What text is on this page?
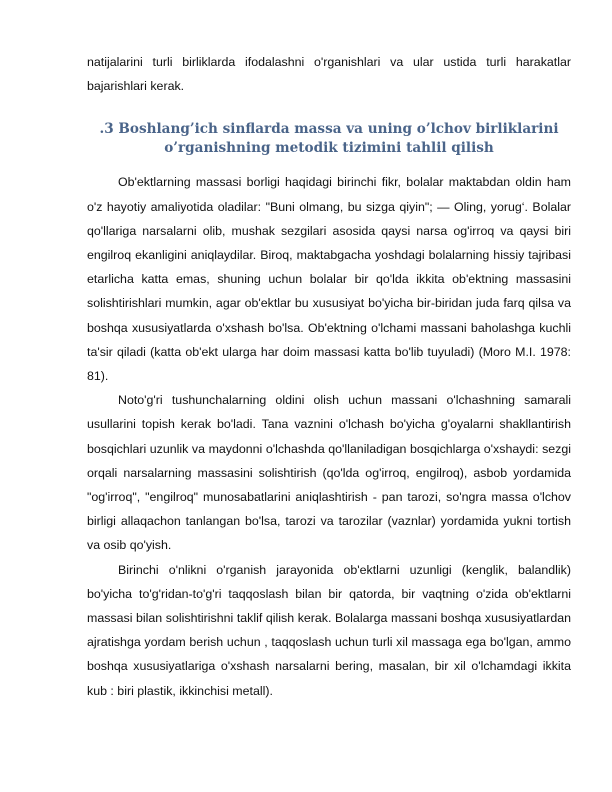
natijalarini turli birliklarda ifodalashni o'rganishlari va ular ustida turli harakatlar bajarishlari kerak.

.3 Boshlang’ich sinflarda massa va uning o’lchov birliklarini
o’rganishning metodik tizimini tahlil qilish

Ob'ektlarning massasi borligi haqidagi birinchi fikr, bolalar maktabdan oldin ham o'z hayotiy amaliyotida oladilar: "Buni olmang, bu sizga qiyin"; — Oling, yorug‘. Bolalar qo'llariga narsalarni olib, mushak sezgilari asosida qaysi narsa og'irroq va qaysi biri engilroq ekanligini aniqlaydilar. Biroq, maktabgacha yoshdagi bolalarning hissiy tajribasi etarlicha katta emas, shuning uchun bolalar bir qo'lda ikkita ob'ektning massasini solishtirishlari mumkin, agar ob'ektlar bu xususiyat bo'yicha bir-biridan juda farq qilsa va boshqa xususiyatlarda o'xshash bo'lsa. Ob'ektning o'lchami massani baholashga kuchli ta'sir qiladi (katta ob'ekt ularga har doim massasi katta bo'lib tuyuladi) (Moro M.I. 1978: 81).

Noto'g'ri tushunchalarning oldini olish uchun massani o'lchashning samarali usullarini topish kerak bo'ladi. Tana vaznini o'lchash bo'yicha g'oyalarni shakllantirish bosqichlari uzunlik va maydonni o'lchashda qo'llaniladigan bosqichlarga o'xshaydi: sezgi orqali narsalarning massasini solishtirish (qo'lda og'irroq, engilroq), asbob yordamida "og'irroq", "engilroq" munosabatlarini aniqlashtirish - pan tarozi, so'ngra massa o'lchov birligi allaqachon tanlangan bo'lsa, tarozi va tarozilar (vaznlar) yordamida yukni tortish va osib qo'yish.

Birinchi o'nlikni o'rganish jarayonida ob'ektlarni uzunligi (kenglik, balandlik) bo'yicha to'g'ridan-to'g'ri taqqoslash bilan bir qatorda, bir vaqtning o'zida ob'ektlarni massasi bilan solishtirishni taklif qilish kerak. Bolalarga massani boshqa xususiyatlardan ajratishga yordam berish uchun , taqqoslash uchun turli xil massaga ega bo'lgan, ammo boshqa xususiyatlariga o'xshash narsalarni bering, masalan, bir xil o'lchamdagi ikkita kub : biri plastik, ikkinchisi metall).
